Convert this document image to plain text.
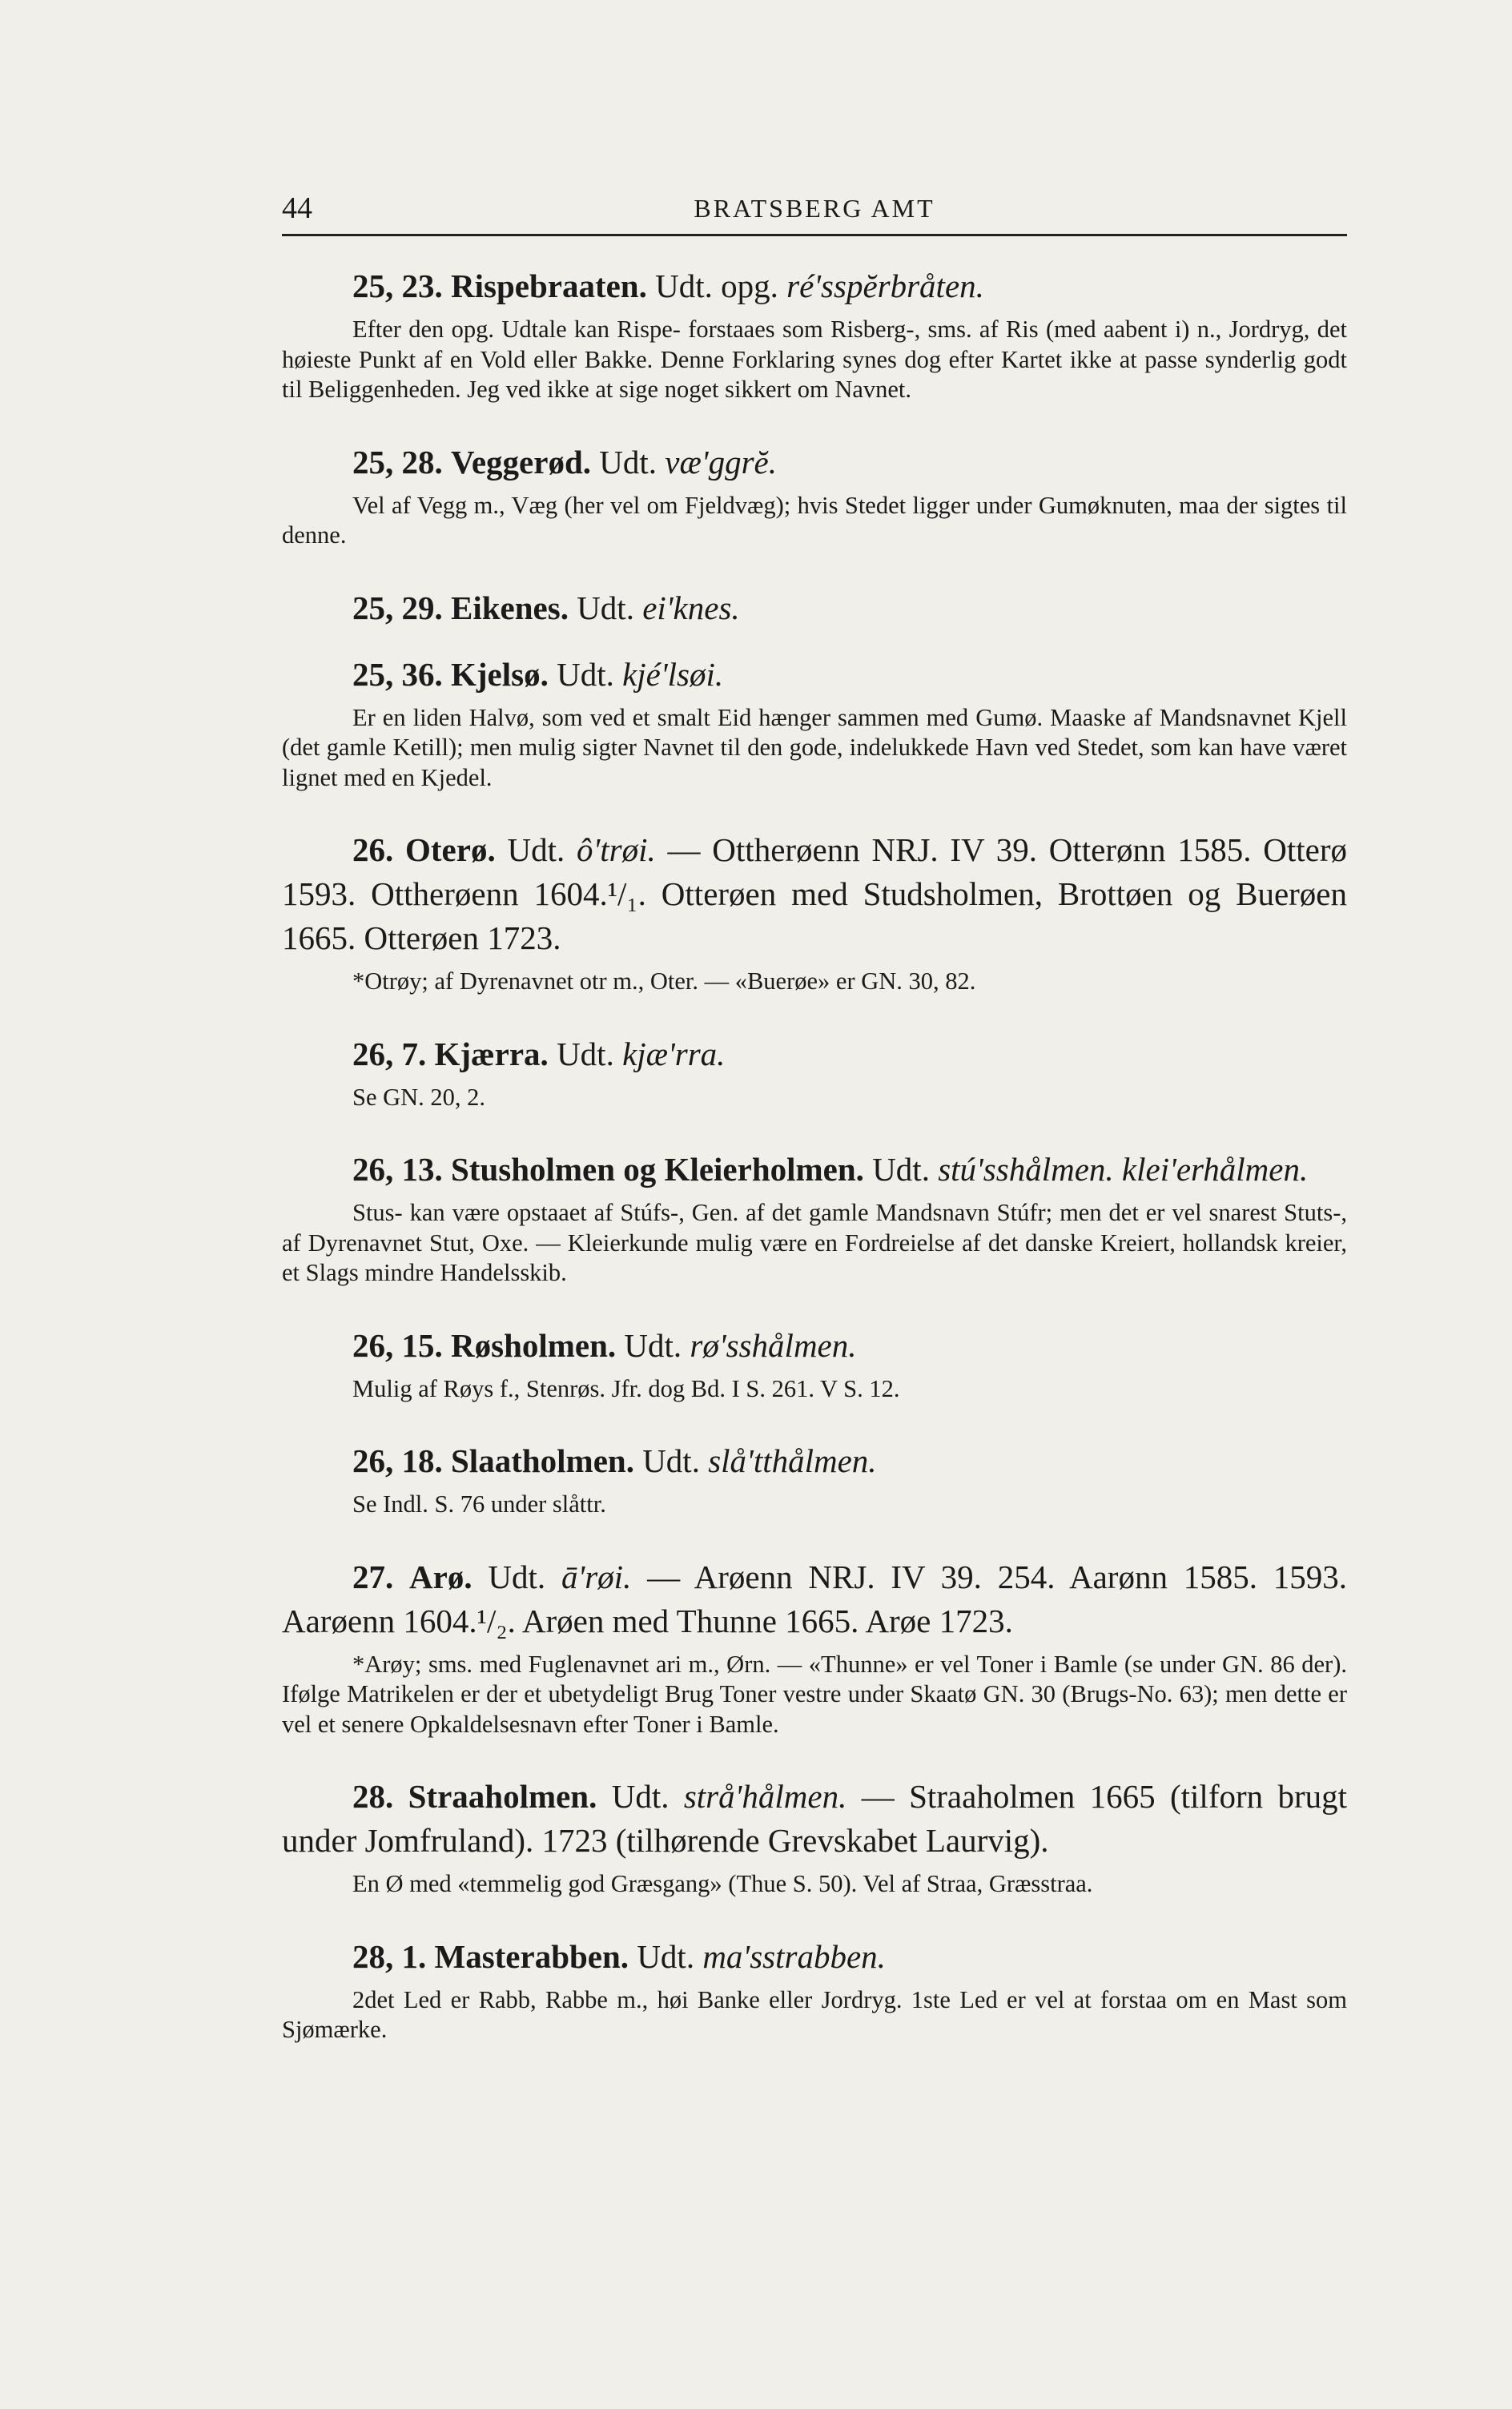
44	BRATSBERG AMT

25, 23. Rispebraaten. Udt. opg. ré'sspĕrbråten.

Efter den opg. Udtale kan Rispe- forstaaes som Risberg-, sms. af Ris (med aabent i) n., Jordryg, det høieste Punkt af en Vold eller Bakke. Denne Forklaring synes dog efter Kartet ikke at passe synderlig godt til Beliggenheden. Jeg ved ikke at sige noget sikkert om Navnet.

25, 28. Veggerød. Udt. væ'ggrĕ.

Vel af Vegg m., Væg (her vel om Fjeldvæg); hvis Stedet ligger under Gumøknuten, maa der sigtes til denne.

25, 29. Eikenes. Udt. ei'knes.

25, 36. Kjelsø. Udt. kjé'lsøi.

Er en liden Halvø, som ved et smalt Eid hænger sammen med Gumø. Maaske af Mandsnavnet Kjell (det gamle Ketill); men mulig sigter Navnet til den gode, indelukkede Havn ved Stedet, som kan have været lignet med en Kjedel.

26. Oterø. Udt. ô'trøi. — Ottherøenn NRJ. IV 39. Otterønn 1585. Otterø 1593. Ottherøenn 1604.¹/₁. Otterøen med Studsholmen, Brottøen og Buerøen 1665. Otterøen 1723.

*Otrøy; af Dyrenavnet otr m., Oter. — «Buerøe» er GN. 30, 82.

26, 7. Kjærra. Udt. kjæ'rra.

Se GN. 20, 2.

26, 13. Stusholmen og Kleierholmen. Udt. stú'sshålmen. klei'erhålmen.

Stus- kan være opstaaet af Stúfs-, Gen. af det gamle Mandsnavn Stúfr; men det er vel snarest Stuts-, af Dyrenavnet Stut, Oxe. — Kleierkunde mulig være en Fordreielse af det danske Kreiert, hollandsk kreier, et Slags mindre Handelsskib.

26, 15. Røsholmen. Udt. rø'sshålmen.

Mulig af Røys f., Stenrøs. Jfr. dog Bd. I S. 261. V S. 12.

26, 18. Slaatholmen. Udt. slå'tthålmen.

Se Indl. S. 76 under slåttr.

27. Arø. Udt. ā'røi. — Arøenn NRJ. IV 39. 254. Aarønn 1585. 1593. Aarøenn 1604.¹/₂. Arøen med Thunne 1665. Arøe 1723.

*Arøy; sms. med Fuglenavnet ari m., Ørn. — «Thunne» er vel Toner i Bamle (se under GN. 86 der). Ifølge Matrikelen er der et ubetydeligt Brug Toner vestre under Skaatø GN. 30 (Brugs-No. 63); men dette er vel et senere Opkaldelsesnavn efter Toner i Bamle.

28. Straaholmen. Udt. strå'hålmen. — Straaholmen 1665 (tilforn brugt under Jomfruland). 1723 (tilhørende Grevskabet Laurvig).

En Ø med «temmelig god Græsgang» (Thue S. 50). Vel af Straa, Græsstraa.

28, 1. Masterabben. Udt. ma'sstrabben.

2det Led er Rabb, Rabbe m., høi Banke eller Jordryg. 1ste Led er vel at forstaa om en Mast som Sjømærke.
